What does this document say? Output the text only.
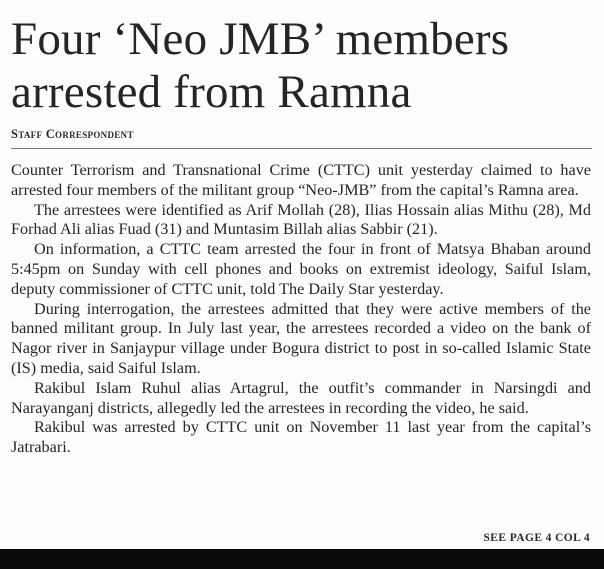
Four ‘Neo JMB’ members arrested from Ramna
Staff Correspondent

Counter Terrorism and Transnational Crime (CTTC) unit yesterday claimed to have arrested four members of the militant group “Neo-JMB” from the capital’s Ramna area.

The arrestees were identified as Arif Mollah (28), Ilias Hossain alias Mithu (28), Md Forhad Ali alias Fuad (31) and Muntasim Billah alias Sabbir (21).

On information, a CTTC team arrested the four in front of Matsya Bhaban around 5:45pm on Sunday with cell phones and books on extremist ideology, Saiful Islam, deputy commissioner of CTTC unit, told The Daily Star yesterday.

During interrogation, the arrestees admitted that they were active members of the banned militant group. In July last year, the arrestees recorded a video on the bank of Nagor river in Sanjaypur village under Bogura district to post in so-called Islamic State (IS) media, said Saiful Islam.

Rakibul Islam Ruhul alias Artagrul, the outfit’s commander in Narsingdi and Narayanganj districts, allegedly led the arrestees in recording the video, he said.

Rakibul was arrested by CTTC unit on November 11 last year from the capital’s Jatrabari.

SEE PAGE 4 COL 4
